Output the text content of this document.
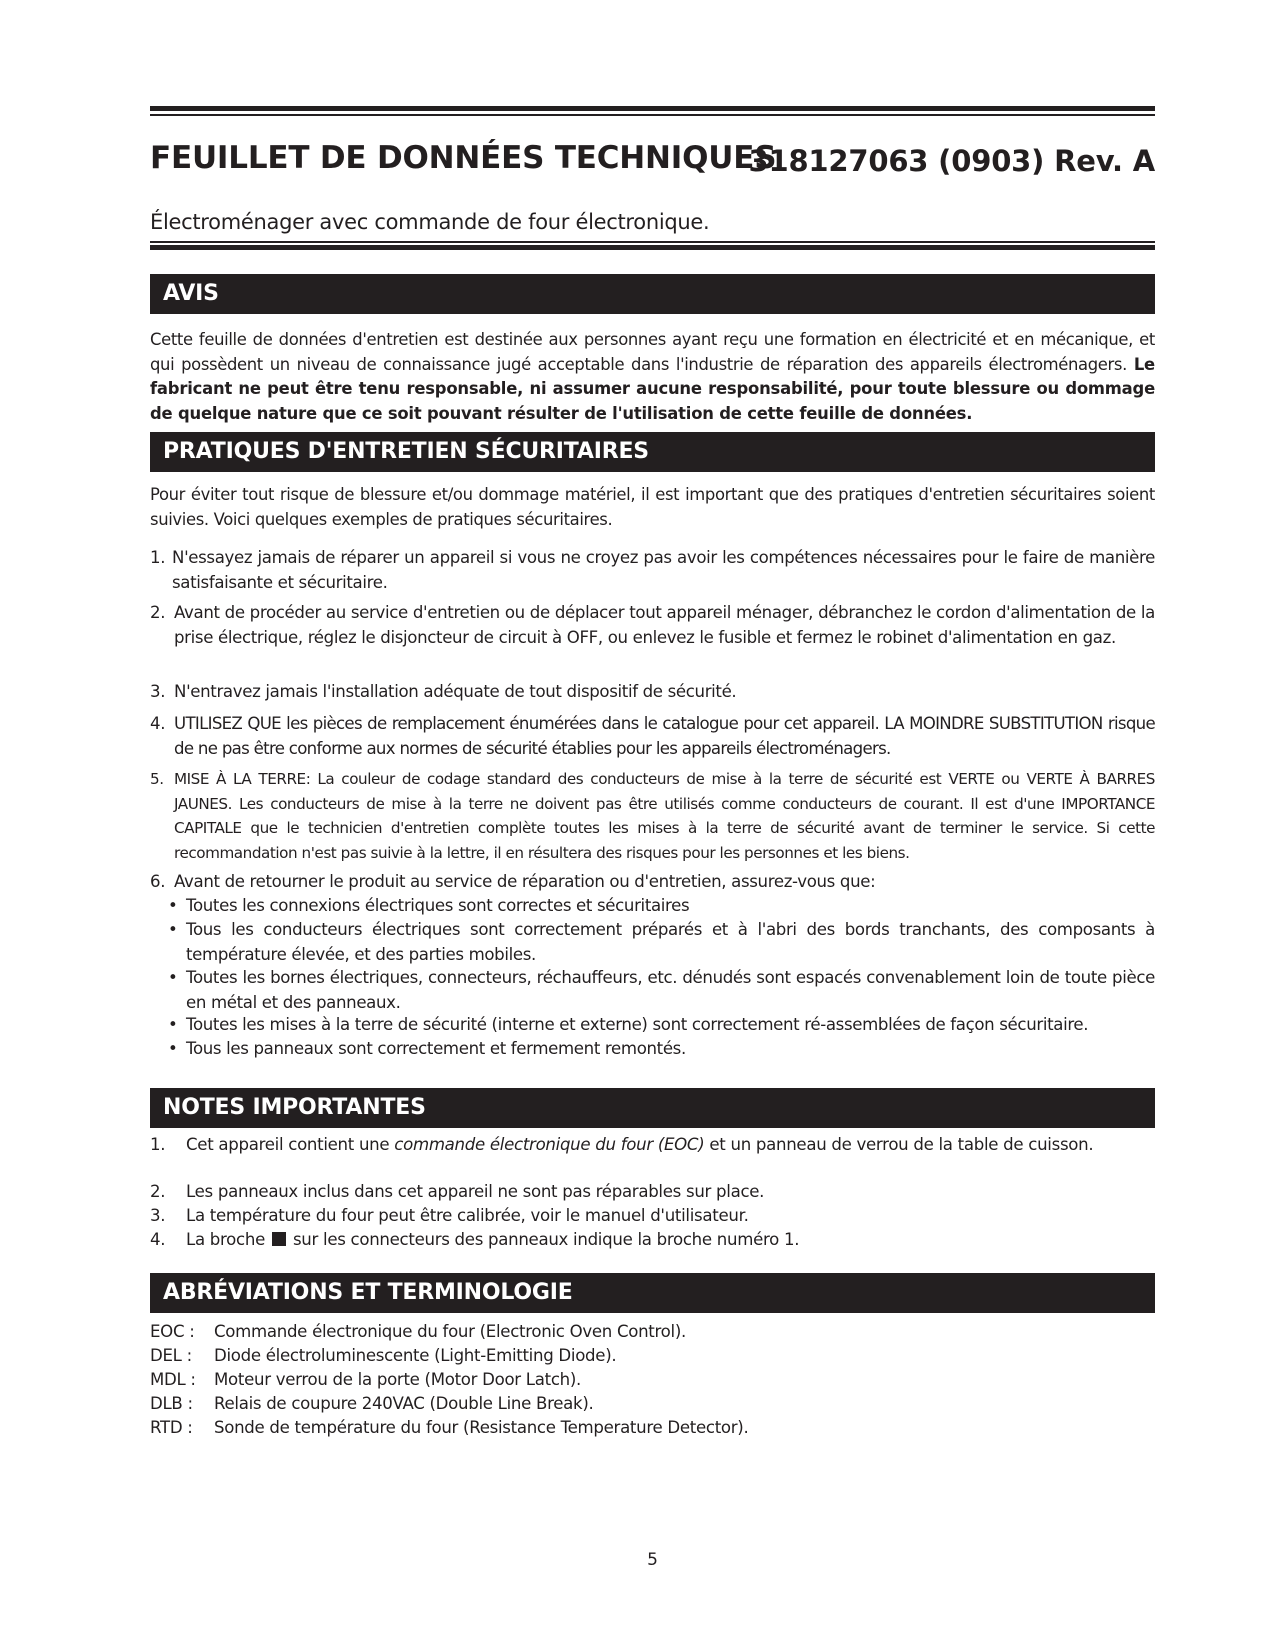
FEUILLET DE DONNÉES TECHNIQUES
318127063 (0903) Rev. A
Électroménager avec commande de four électronique.
AVIS
Cette feuille de données d'entretien est destinée aux personnes ayant reçu une formation en électricité et en mécanique, et qui possèdent un niveau de connaissance jugé acceptable dans l'industrie de réparation des appareils électroménagers. Le fabricant ne peut être tenu responsable, ni assumer aucune responsabilité, pour toute blessure ou dommage de quelque nature que ce soit pouvant résulter de l'utilisation de cette feuille de données.
PRATIQUES D'ENTRETIEN SÉCURITAIRES
Pour éviter tout risque de blessure et/ou dommage matériel, il est important que des pratiques d'entretien sécuritaires soient suivies. Voici quelques exemples de pratiques sécuritaires.
1. N'essayez jamais de réparer un appareil si vous ne croyez pas avoir les compétences nécessaires pour le faire de manière satisfaisante et sécuritaire.
2. Avant de procéder au service d'entretien ou de déplacer tout appareil ménager, débranchez le cordon d'alimentation de la prise électrique, réglez le disjoncteur de circuit à OFF, ou enlevez le fusible et fermez le robinet d'alimentation en gaz.
3. N'entravez jamais l'installation adéquate de tout dispositif de sécurité.
4. UTILISEZ QUE les pièces de remplacement énumérées dans le catalogue pour cet appareil. LA MOINDRE SUBSTITUTION risque de ne pas être conforme aux normes de sécurité établies pour les appareils électroménagers.
5. MISE À LA TERRE: La couleur de codage standard des conducteurs de mise à la terre de sécurité est VERTE ou VERTE À BARRES JAUNES. Les conducteurs de mise à la terre ne doivent pas être utilisés comme conducteurs de courant. Il est d'une IMPORTANCE CAPITALE que le technicien d'entretien complète toutes les mises à la terre de sécurité avant de terminer le service. Si cette recommandation n'est pas suivie à la lettre, il en résultera des risques pour les personnes et les biens.
6. Avant de retourner le produit au service de réparation ou d'entretien, assurez-vous que:
• Toutes les connexions électriques sont correctes et sécuritaires
• Tous les conducteurs électriques sont correctement préparés et à l'abri des bords tranchants, des composants à température élevée, et des parties mobiles.
• Toutes les bornes électriques, connecteurs, réchauffeurs, etc. dénudés sont espacés convenablement loin de toute pièce en métal et des panneaux.
• Toutes les mises à la terre de sécurité (interne et externe) sont correctement ré-assemblées de façon sécuritaire.
• Tous les panneaux sont correctement et fermement remontés.
NOTES IMPORTANTES
1. Cet appareil contient une commande électronique du four (EOC) et un panneau de verrou de la table de cuisson.
2. Les panneaux inclus dans cet appareil ne sont pas réparables sur place.
3. La température du four peut être calibrée, voir le manuel d'utilisateur.
4. La broche  sur les connecteurs des panneaux indique la broche numéro 1.
ABRÉVIATIONS ET TERMINOLOGIE
EOC : Commande électronique du four (Electronic Oven Control).
DEL : Diode électroluminescente (Light-Emitting Diode).
MDL : Moteur verrou de la porte (Motor Door Latch).
DLB : Relais de coupure 240VAC (Double Line Break).
RTD : Sonde de température du four (Resistance Temperature Detector).
5
